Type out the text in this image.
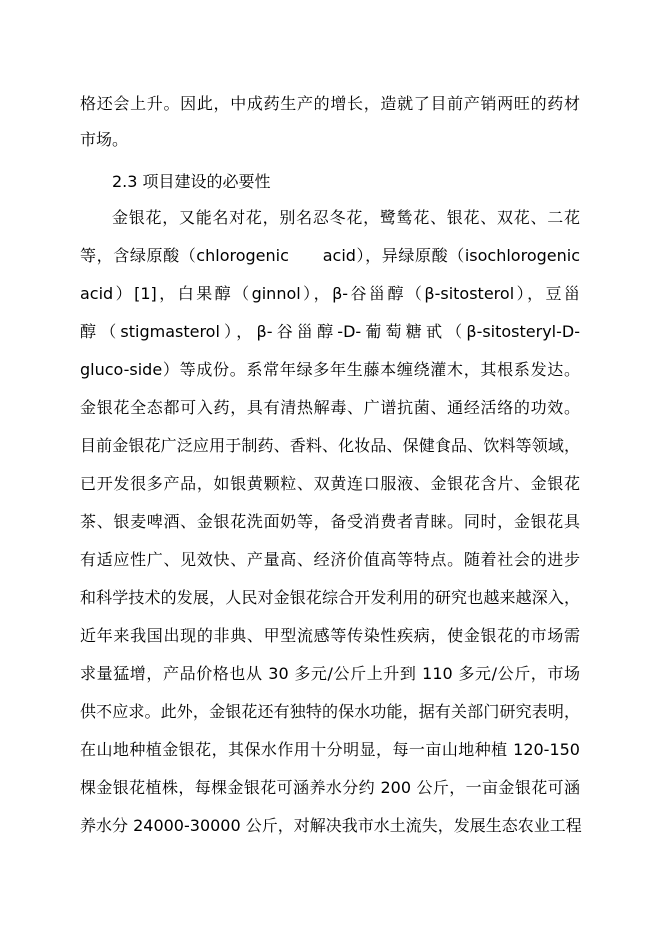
格还会上升。因此，中成药生产的增长，造就了目前产销两旺的药材
市场。
2.3 项目建设的必要性
金银花，又能名对花，别名忍冬花，鹭鸶花、银花、双花、二花
等，含绿原酸（chlorogenic　　acid），异绿原酸（isochlorogenic
acid）[1]，白果醇（ginnol），β-谷甾醇（β-sitosterol），豆甾
醇（stigmasterol），β-谷甾醇-D-葡萄糖甙（β-sitosteryl-D-
gluco-side）等成份。系常年绿多年生藤本缠绕灌木，其根系发达。
金银花全态都可入药，具有清热解毒、广谱抗菌、通经活络的功效。
目前金银花广泛应用于制药、香料、化妆品、保健食品、饮料等领域，
已开发很多产品，如银黄颗粒、双黄连口服液、金银花含片、金银花
茶、银麦啤酒、金银花洗面奶等，备受消费者青睐。同时，金银花具
有适应性广、见效快、产量高、经济价值高等特点。随着社会的进步
和科学技术的发展，人民对金银花综合开发利用的研究也越来越深入，
近年来我国出现的非典、甲型流感等传染性疾病，使金银花的市场需
求量猛增，产品价格也从 30 多元/公斤上升到 110 多元/公斤，市场
供不应求。此外，金银花还有独特的保水功能，据有关部门研究表明，
在山地种植金银花，其保水作用十分明显，每一亩山地种植 120-150
棵金银花植株，每棵金银花可涵养水分约 200 公斤，一亩金银花可涵
养水分 24000-30000 公斤，对解决我市水土流失，发展生态农业工程
